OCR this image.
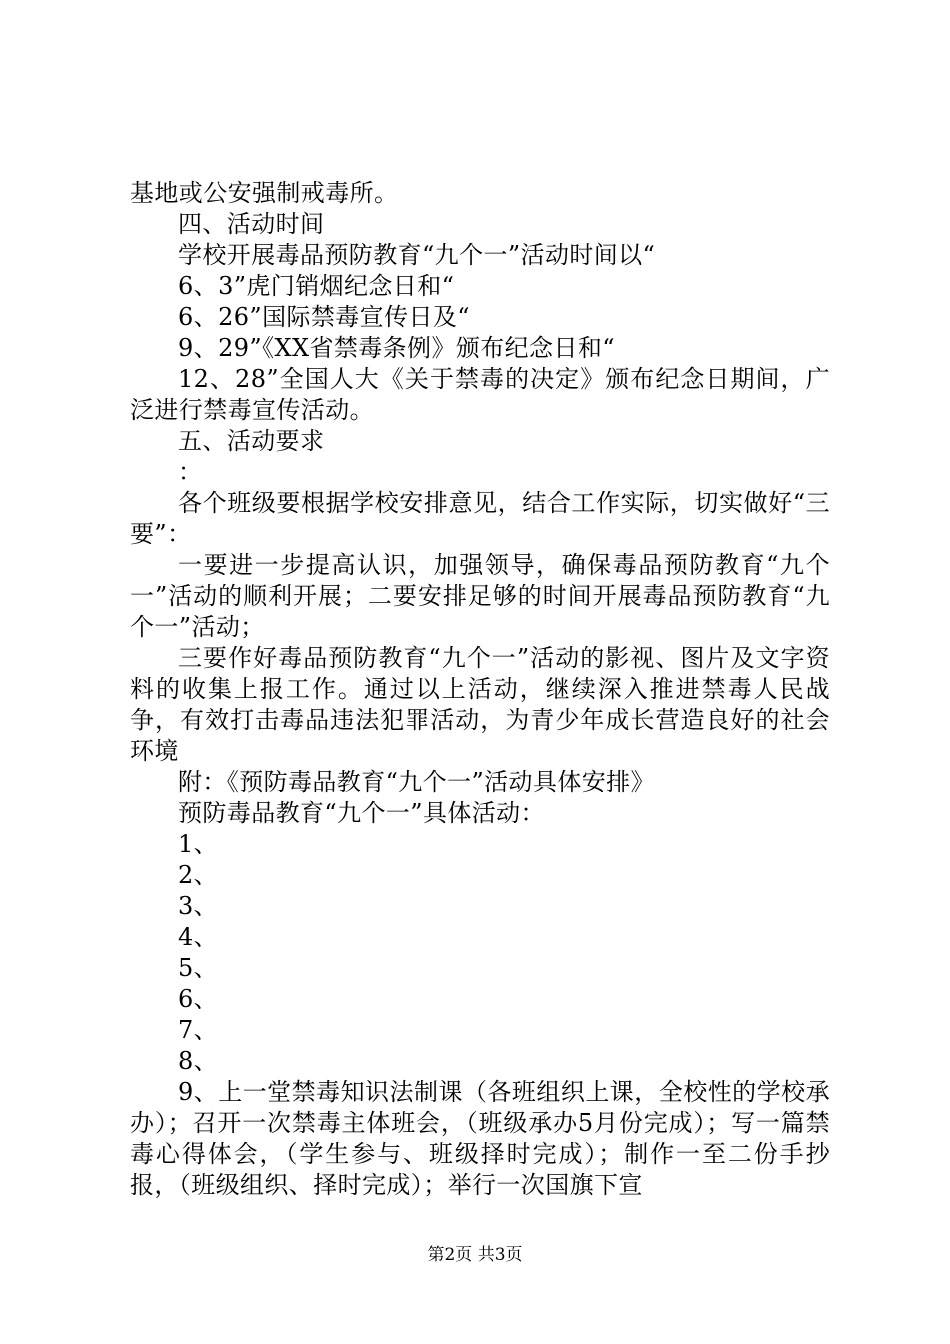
基地或公安强制戒毒所。

四、活动时间

学校开展毒品预防教育“九个一”活动时间以“

6、3”虎门销烟纪念日和“

6、26”国际禁毒宣传日及“

9、29”《XX省禁毒条例》颁布纪念日和“

12、28”全国人大《关于禁毒的决定》颁布纪念日期间，广泛进行禁毒宣传活动。

五、活动要求

：

各个班级要根据学校安排意见，结合工作实际，切实做好“三要”：

一要进一步提高认识，加强领导，确保毒品预防教育“九个一”活动的顺利开展；二要安排足够的时间开展毒品预防教育“九个一”活动；

三要作好毒品预防教育“九个一”活动的影视、图片及文字资料的收集上报工作。通过以上活动，继续深入推进禁毒人民战争，有效打击毒品违法犯罪活动，为青少年成长营造良好的社会环境

附：《预防毒品教育“九个一”活动具体安排》

预防毒品教育“九个一”具体活动：

1、

2、

3、

4、

5、

6、

7、

8、

9、上一堂禁毒知识法制课（各班组织上课，全校性的学校承办）；召开一次禁毒主体班会，（班级承办5月份完成）；写一篇禁毒心得体会，（学生参与、班级择时完成）；制作一至二份手抄报，（班级组织、择时完成）；举行一次国旗下宣

第2页 共3页
